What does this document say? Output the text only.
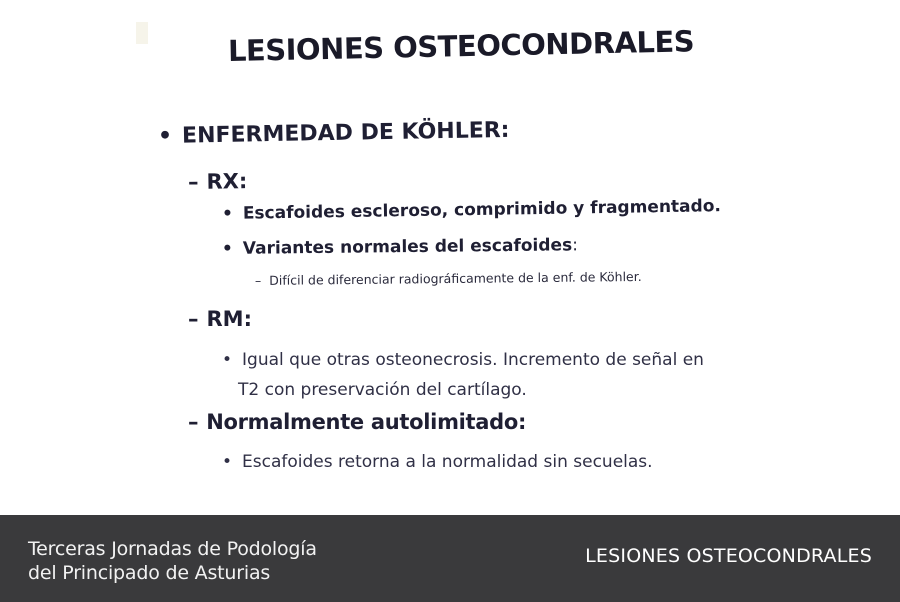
LESIONES OSTEOCONDRALES
• ENFERMEDAD DE KÖHLER:
– RX:
• Escafoides escleroso, comprimido y fragmentado.
• Variantes normales del escafoides:
– Difícil de diferenciar radiográficamente de la enf. de Köhler.
– RM:
• Igual que otras osteonecrosis. Incremento de señal en
T2 con preservación del cartílago.
– Normalmente autolimitado:
• Escafoides retorna a la normalidad sin secuelas.
Terceras Jornadas de Podología
del Principado de Asturias
LESIONES OSTEOCONDRALES
